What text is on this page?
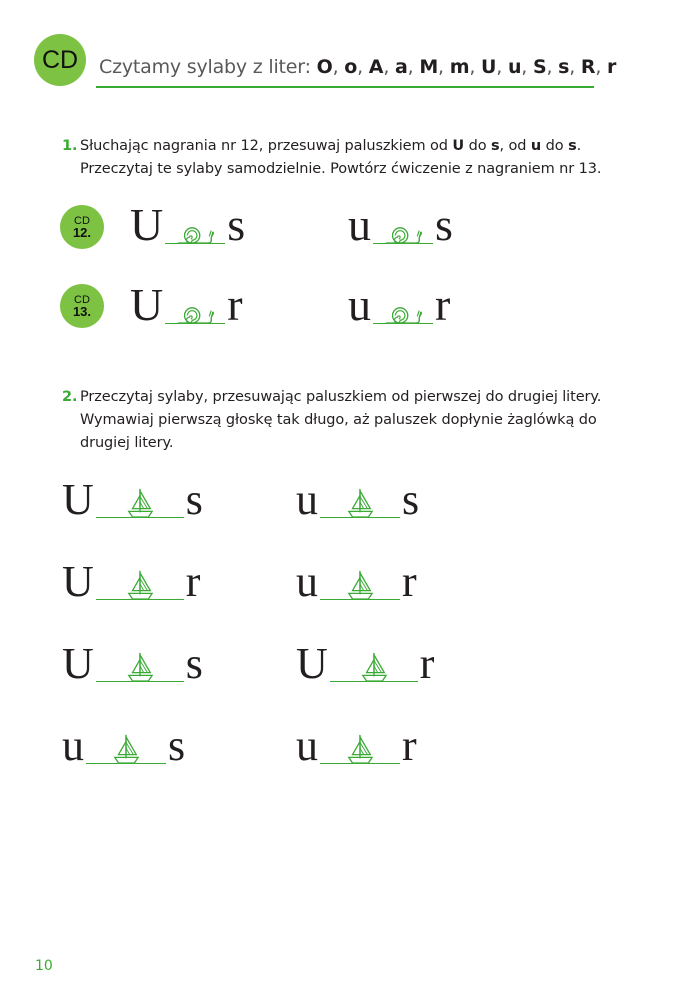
CD Czytamy sylaby z liter: O, o, A, a, M, m, U, u, S, s, R, r
1. Słuchając nagrania nr 12, przesuwaj paluszkiem od U do s, od u do s.
Przeczytaj te sylaby samodzielnie. Powtórz ćwiczenie z nagraniem nr 13.
CD
12.
CD
13.
U s u s
U r u r
2. Przeczytaj sylaby, przesuwając paluszkiem od pierwszej do drugiej litery.
Wymawiaj pierwszą głoskę tak długo, aż paluszek dopłynie żaglówką do
drugiej litery.
U s u s
U r u r
U s U r
u s	u r
10
